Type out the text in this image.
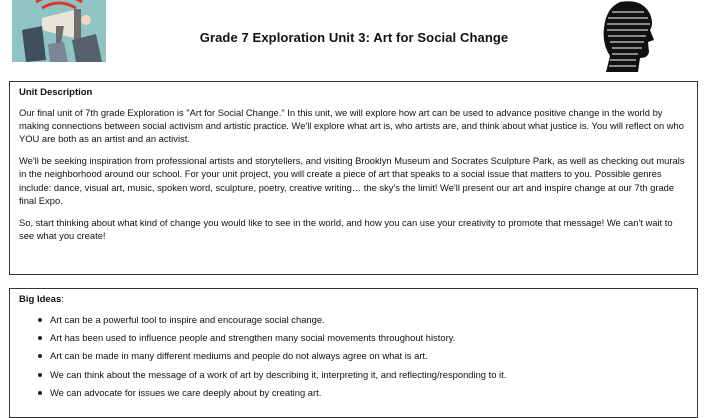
Grade 7 Exploration Unit 3: Art for Social Change
Unit Description

Our final unit of 7th grade Exploration is "Art for Social Change." In this unit, we will explore how art can be used to advance positive change in the world by making connections between social activism and artistic practice. We'll explore what art is, who artists are, and think about what justice is. You will reflect on who YOU are both as an artist and an activist.

We'll be seeking inspiration from professional artists and storytellers, and visiting Brooklyn Museum and Socrates Sculpture Park, as well as checking out murals in the neighborhood around our school. For your unit project, you will create a piece of art that speaks to a social issue that matters to you. Possible genres include: dance, visual art, music, spoken word, sculpture, poetry, creative writing… the sky's the limit! We'll present our art and inspire change at our 7th grade final Expo.

So, start thinking about what kind of change you would like to see in the world, and how you can use your creativity to promote that message! We can't wait to see what you create!

Big Ideas:
Art can be a powerful tool to inspire and encourage social change.
Art has been used to influence people and strengthen many social movements throughout history.
Art can be made in many different mediums and people do not always agree on what is art.
We can think about the message of a work of art by describing it, interpreting it, and reflecting/responding to it.
We can advocate for issues we care deeply about by creating art.
